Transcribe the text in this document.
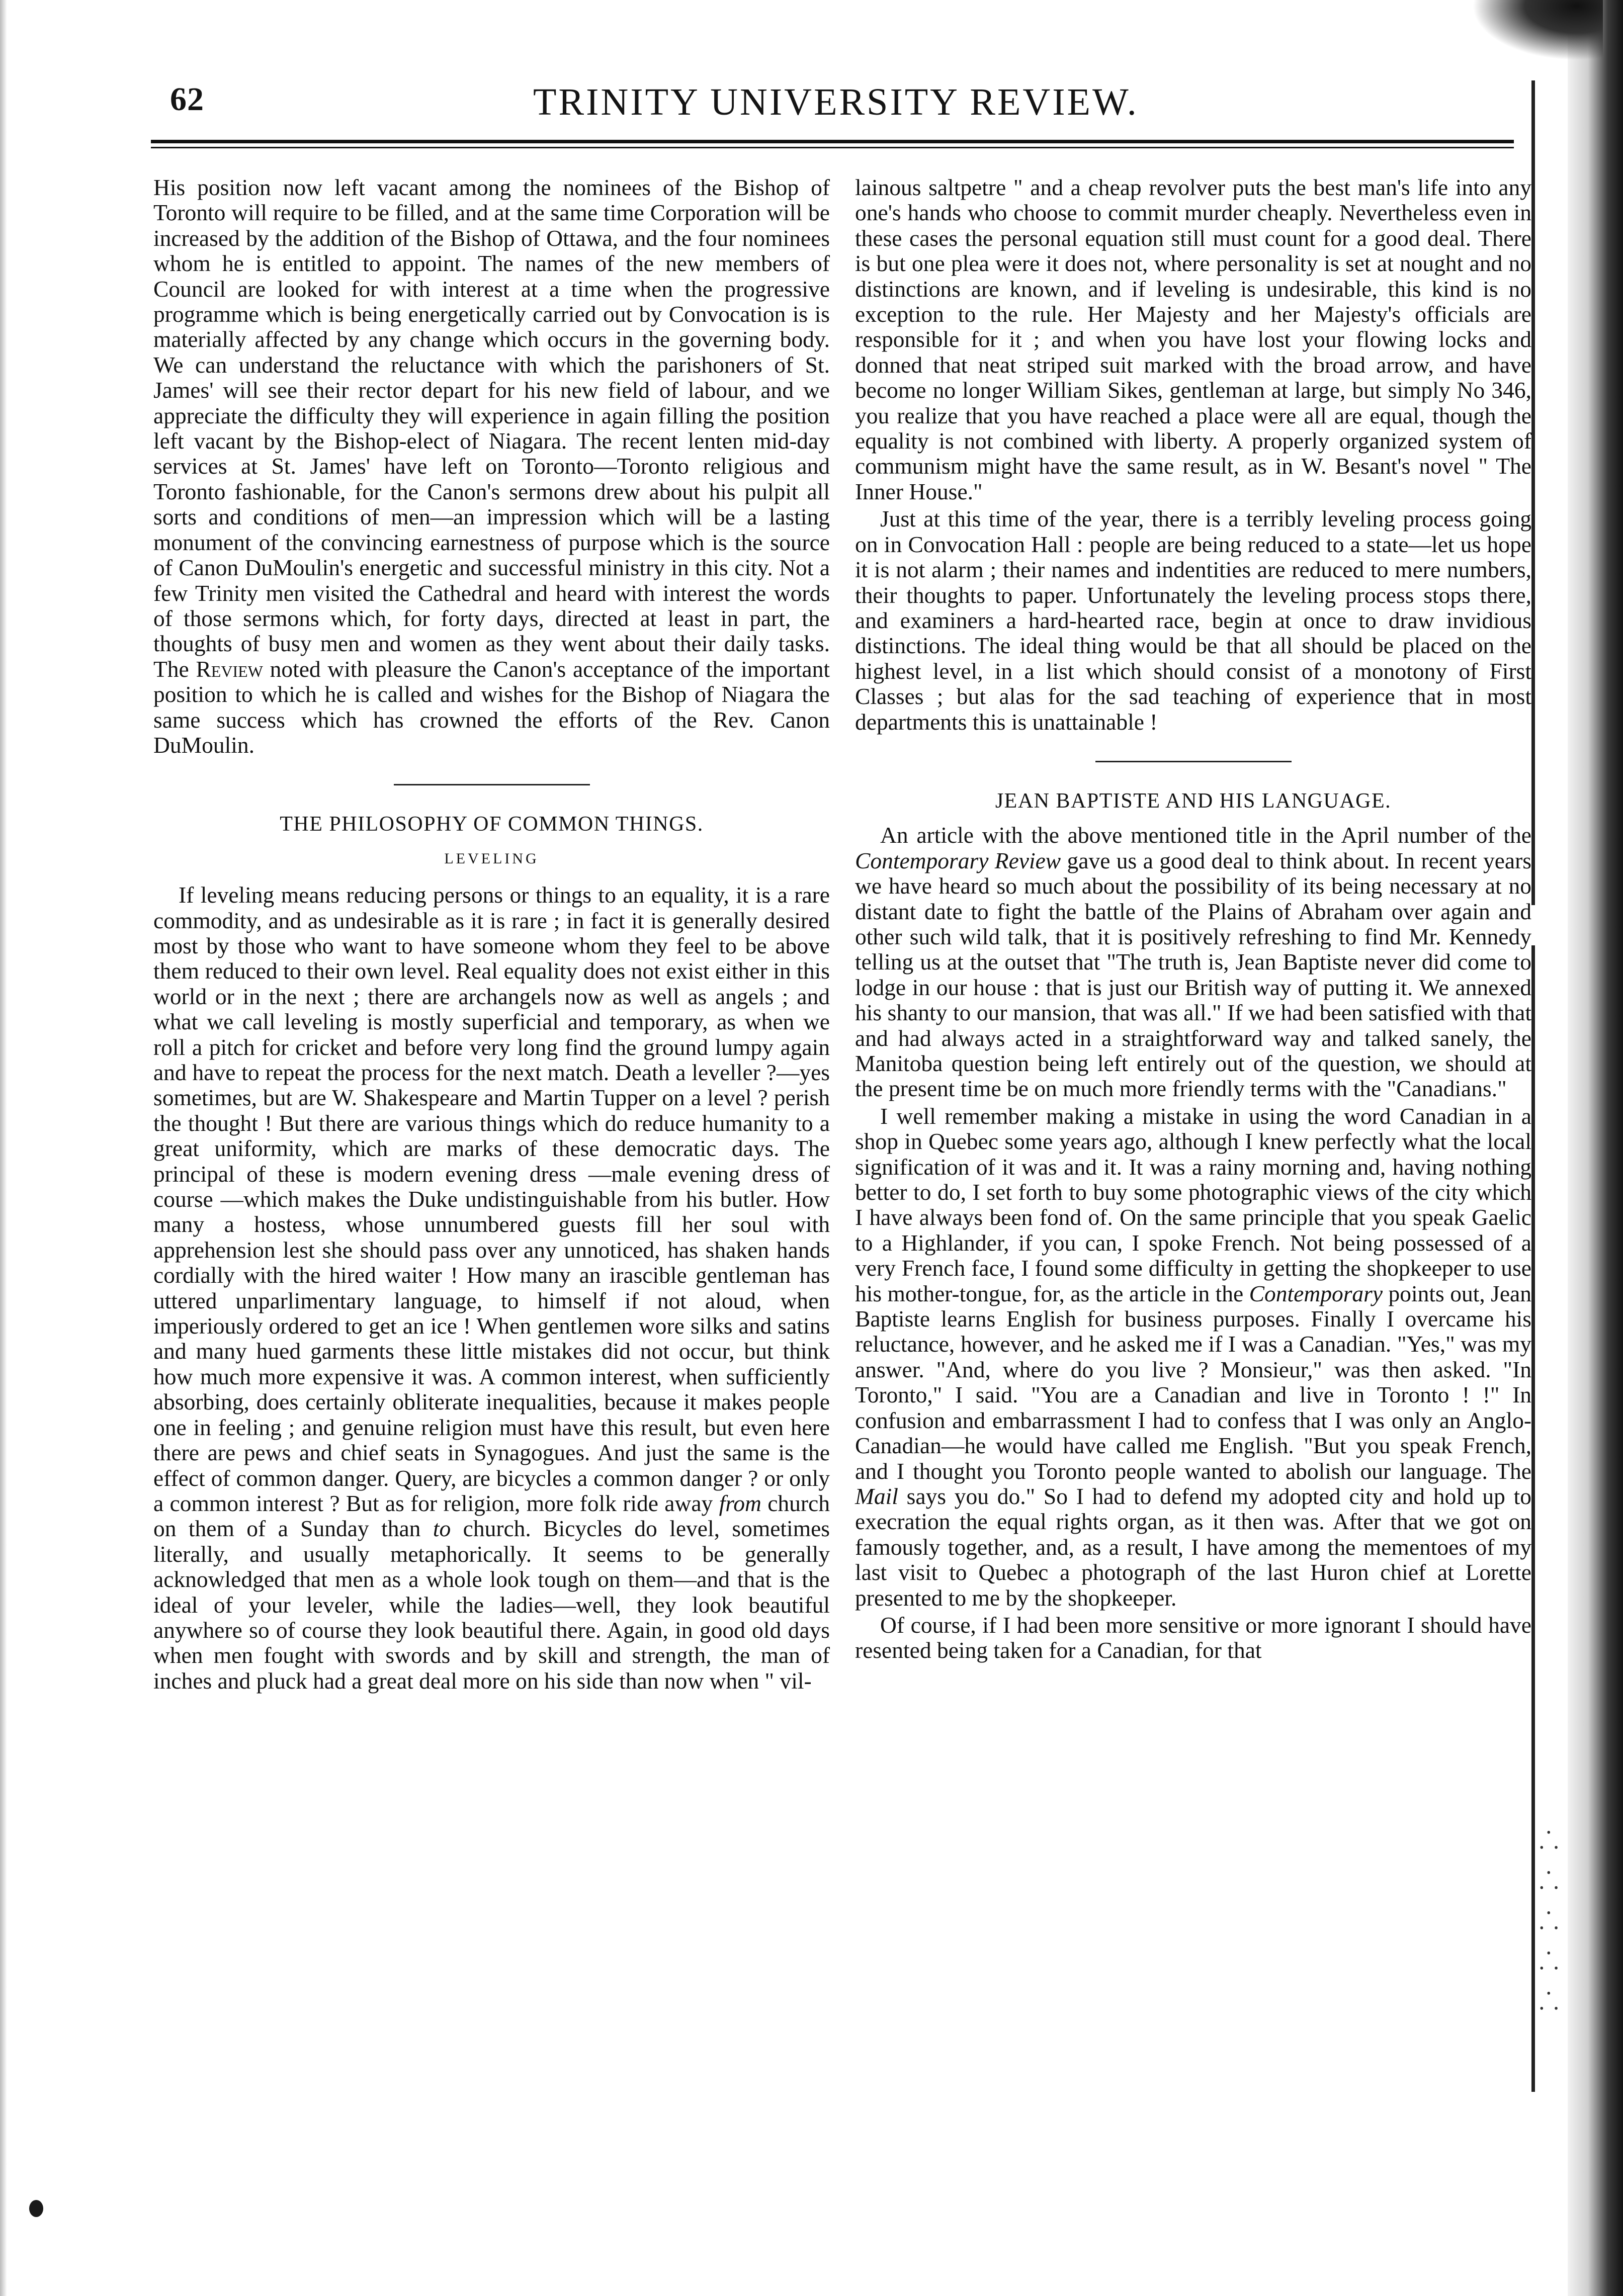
⸫
⸫
⸫
⸫
⸫
62	TRINITY UNIVERSITY REVIEW.

His position now left vacant among the nominees of the Bishop of Toronto will require to be filled, and at the same time Corporation will be increased by the addition of the Bishop of Ottawa, and the four nominees whom he is entitled to appoint. The names of the new members of Council are looked for with interest at a time when the progressive programme which is being energetically carried out by Convocation is is materially affected by any change which occurs in the governing body. We can understand the reluctance with which the parishoners of St. James' will see their rector depart for his new field of labour, and we appreciate the difficulty they will experience in again filling the position left vacant by the Bishop-elect of Niagara. The recent lenten mid-day services at St. James' have left on Toronto—Toronto religious and Toronto fashionable, for the Canon's sermons drew about his pulpit all sorts and conditions of men—an impression which will be a lasting monument of the convincing earnestness of purpose which is the source of Canon DuMoulin's energetic and successful ministry in this city. Not a few Trinity men visited the Cathedral and heard with interest the words of those sermons which, for forty days, directed at least in part, the thoughts of busy men and women as they went about their daily tasks. The Review noted with pleasure the Canon's acceptance of the important position to which he is called and wishes for the Bishop of Niagara the same success which has crowned the efforts of the Rev. Canon DuMoulin.

THE PHILOSOPHY OF COMMON THINGS.
LEVELING

If leveling means reducing persons or things to an equality, it is a rare commodity, and as undesirable as it is rare ; in fact it is generally desired most by those who want to have someone whom they feel to be above them reduced to their own level. Real equality does not exist either in this world or in the next ; there are archangels now as well as angels ; and what we call leveling is mostly superficial and temporary, as when we roll a pitch for cricket and before very long find the ground lumpy again and have to repeat the process for the next match. Death a leveller ?—yes sometimes, but are W. Shakespeare and Martin Tupper on a level ? perish the thought ! But there are various things which do reduce humanity to a great uniformity, which are marks of these democratic days. The principal of these is modern evening dress —male evening dress of course —which makes the Duke undistinguishable from his butler. How many a hostess, whose unnumbered guests fill her soul with apprehension lest she should pass over any unnoticed, has shaken hands cordially with the hired waiter ! How many an irascible gentleman has uttered unparlimentary language, to himself if not aloud, when imperiously ordered to get an ice ! When gentlemen wore silks and satins and many hued garments these little mistakes did not occur, but think how much more expensive it was. A common interest, when sufficiently absorbing, does certainly obliterate inequalities, because it makes people one in feeling ; and genuine religion must have this result, but even here there are pews and chief seats in Synagogues. And just the same is the effect of common danger. Query, are bicycles a common danger ? or only a common interest ? But as for religion, more folk ride away from church on them of a Sunday than to church. Bicycles do level, sometimes literally, and usually metaphorically. It seems to be generally acknowledged that men as a whole look tough on them—and that is the ideal of your leveler, while the ladies—well, they look beautiful anywhere so of course they look beautiful there. Again, in good old days when men fought with swords and by skill and strength, the man of inches and pluck had a great deal more on his side than now when " vil-

lainous saltpetre " and a cheap revolver puts the best man's life into any one's hands who choose to commit murder cheaply. Nevertheless even in these cases the personal equation still must count for a good deal. There is but one plea were it does not, where personality is set at nought and no distinctions are known, and if leveling is undesirable, this kind is no exception to the rule. Her Majesty and her Majesty's officials are responsible for it ; and when you have lost your flowing locks and donned that neat striped suit marked with the broad arrow, and have become no longer William Sikes, gentleman at large, but simply No 346, you realize that you have reached a place were all are equal, though the equality is not combined with liberty. A properly organized system of communism might have the same result, as in W. Besant's novel " The Inner House."

Just at this time of the year, there is a terribly leveling process going on in Convocation Hall : people are being reduced to a state—let us hope it is not alarm ; their names and indentities are reduced to mere numbers, their thoughts to paper. Unfortunately the leveling process stops there, and examiners a hard-hearted race, begin at once to draw invidious distinctions. The ideal thing would be that all should be placed on the highest level, in a list which should consist of a monotony of First Classes ; but alas for the sad teaching of experience that in most departments this is unattainable !

JEAN BAPTISTE AND HIS LANGUAGE.

An article with the above mentioned title in the April number of the Contemporary Review gave us a good deal to think about. In recent years we have heard so much about the possibility of its being necessary at no distant date to fight the battle of the Plains of Abraham over again and other such wild talk, that it is positively refreshing to find Mr. Kennedy telling us at the outset that "The truth is, Jean Baptiste never did come to lodge in our house : that is just our British way of putting it. We annexed his shanty to our mansion, that was all." If we had been satisfied with that and had always acted in a straightforward way and talked sanely, the Manitoba question being left entirely out of the question, we should at the present time be on much more friendly terms with the "Canadians."

I well remember making a mistake in using the word Canadian in a shop in Quebec some years ago, although I knew perfectly what the local signification of it was and it. It was a rainy morning and, having nothing better to do, I set forth to buy some photographic views of the city which I have always been fond of. On the same principle that you speak Gaelic to a Highlander, if you can, I spoke French. Not being possessed of a very French face, I found some difficulty in getting the shopkeeper to use his mother-tongue, for, as the article in the Contemporary points out, Jean Baptiste learns English for business purposes. Finally I overcame his reluctance, however, and he asked me if I was a Canadian. "Yes," was my answer. "And, where do you live ? Monsieur," was then asked. "In Toronto," I said. "You are a Canadian and live in Toronto ! !" In confusion and embarrassment I had to confess that I was only an Anglo-Canadian—he would have called me English. "But you speak French, and I thought you Toronto people wanted to abolish our language. The Mail says you do." So I had to defend my adopted city and hold up to execration the equal rights organ, as it then was. After that we got on famously together, and, as a result, I have among the mementoes of my last visit to Quebec a photograph of the last Huron chief at Lorette presented to me by the shopkeeper.

Of course, if I had been more sensitive or more ignorant I should have resented being taken for a Canadian, for that
